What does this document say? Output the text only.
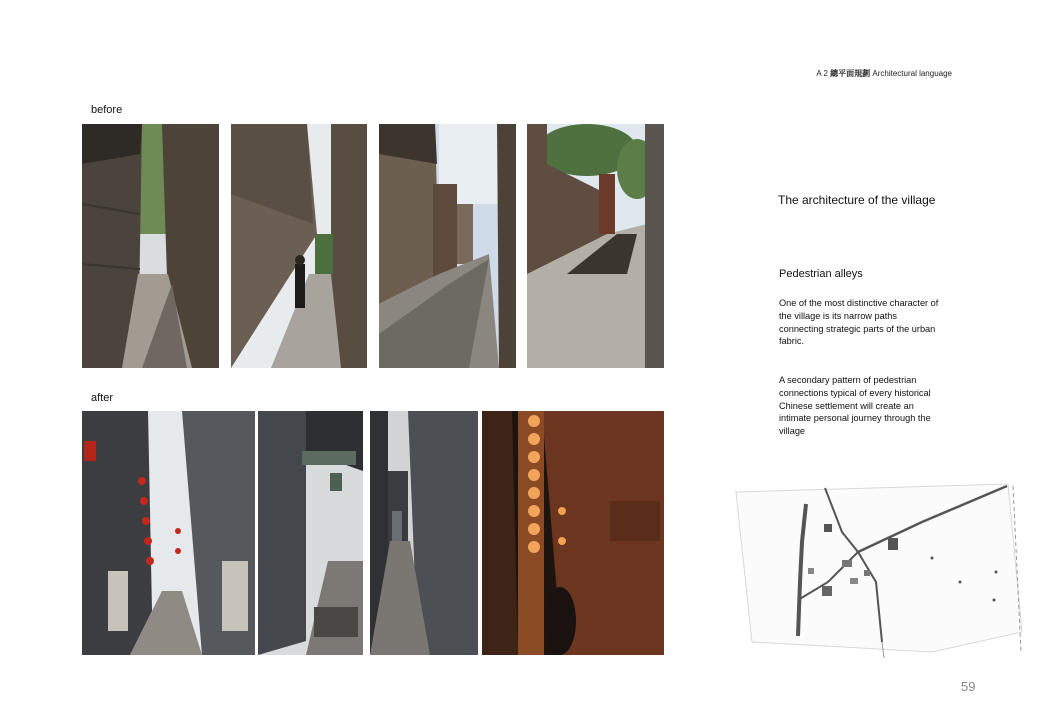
A 2 總平面規劃 Architectural language
before
after
The architecture of the village
Pedestrian alleys
One of the most distinctive character of the village is its narrow paths connecting strategic parts of the urban fabric.
A secondary pattern of pedestrian connections typical of every historical Chinese settlement will create an intimate personal journey through the village
59
